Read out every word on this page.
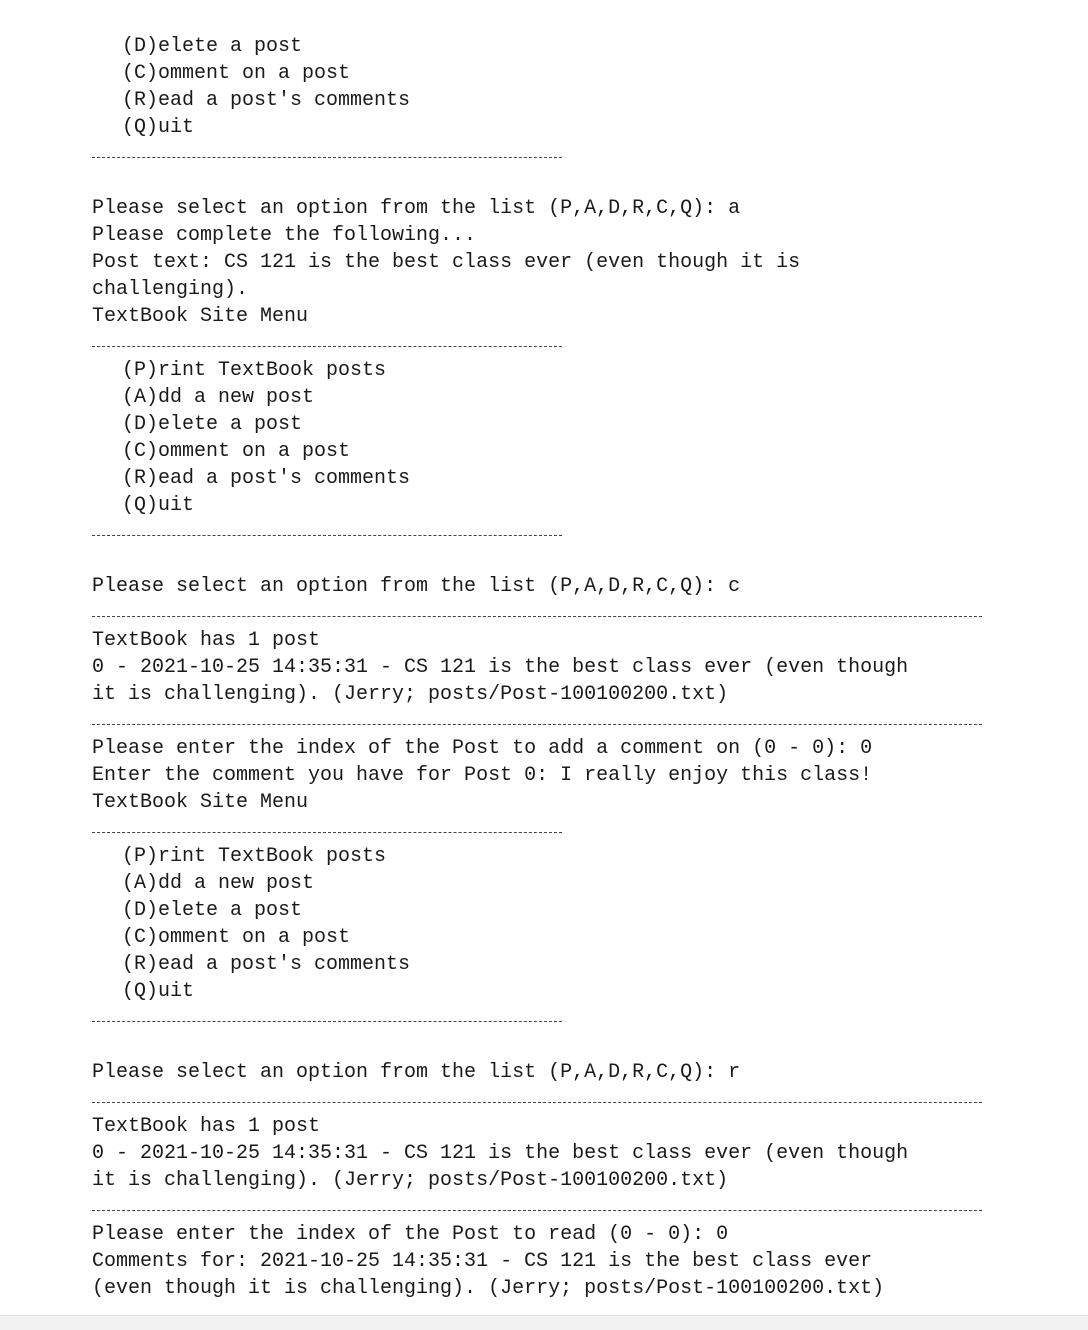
(D)elete a post
(C)omment on a post
(R)ead a post's comments
(Q)uit
Please select an option from the list (P,A,D,R,C,Q): a
Please complete the following...
Post text: CS 121 is the best class ever (even though it is
challenging).
TextBook Site Menu
(P)rint TextBook posts
(A)dd a new post
(D)elete a post
(C)omment on a post
(R)ead a post's comments
(Q)uit
Please select an option from the list (P,A,D,R,C,Q): c
TextBook has 1 post
0 - 2021-10-25 14:35:31 - CS 121 is the best class ever (even though
it is challenging). (Jerry; posts/Post-100100200.txt)
Please enter the index of the Post to add a comment on (0 - 0): 0
Enter the comment you have for Post 0: I really enjoy this class!
TextBook Site Menu
(P)rint TextBook posts
(A)dd a new post
(D)elete a post
(C)omment on a post
(R)ead a post's comments
(Q)uit
Please select an option from the list (P,A,D,R,C,Q): r
TextBook has 1 post
0 - 2021-10-25 14:35:31 - CS 121 is the best class ever (even though
it is challenging). (Jerry; posts/Post-100100200.txt)
Please enter the index of the Post to read (0 - 0): 0
Comments for: 2021-10-25 14:35:31 - CS 121 is the best class ever
(even though it is challenging). (Jerry; posts/Post-100100200.txt)
